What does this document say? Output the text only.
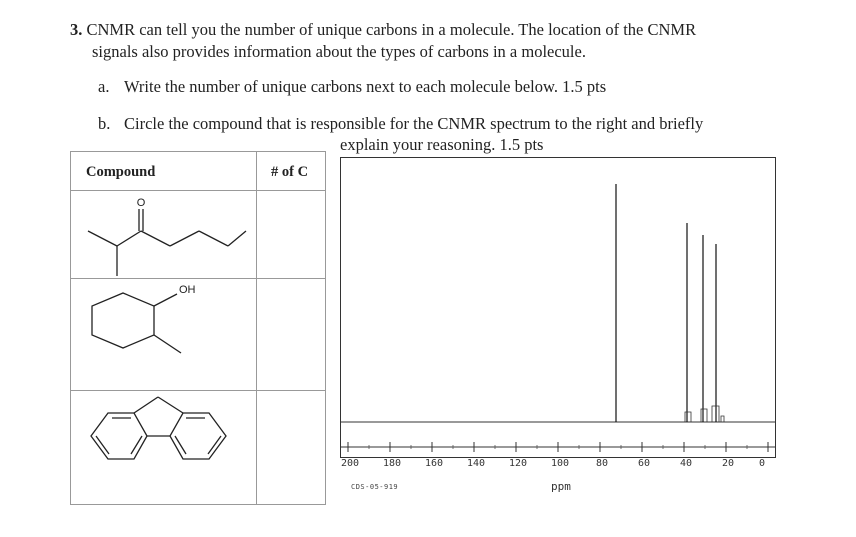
3. CNMR can tell you the number of unique carbons in a molecule. The location of the CNMR
signals also provides information about the types of carbons in a molecule.
a. Write the number of unique carbons next to each molecule below. 1.5 pts
b. Circle the compound that is responsible for the CNMR spectrum to the right and briefly
explain your reasoning. 1.5 pts
Compound	# of C
O
OH
200 180 160 140 120 100	80	60	40	20 0
CDS-05-919	ppm
